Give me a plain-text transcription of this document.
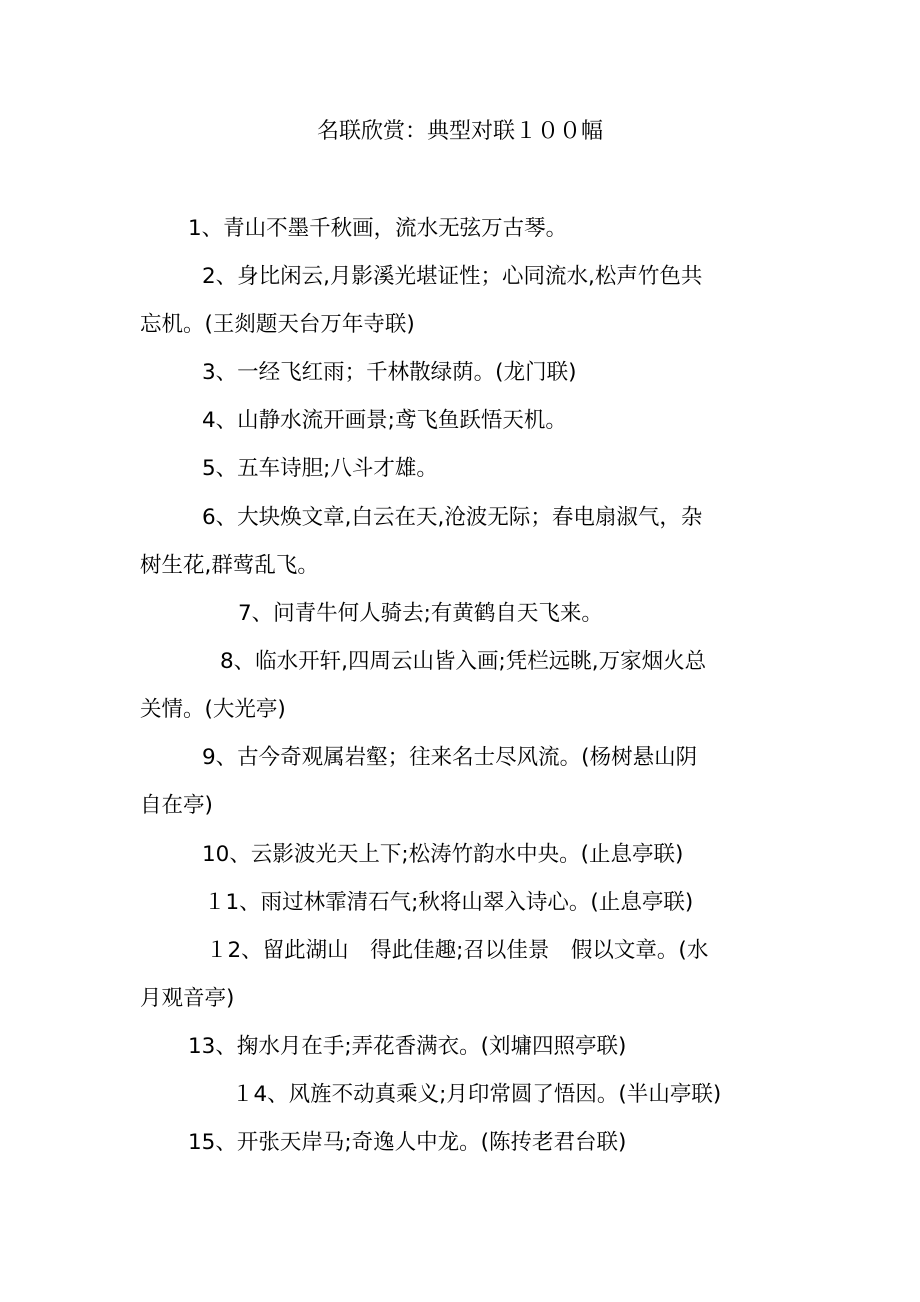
名联欣赏：典型对联１００幅
1、青山不墨千秋画，流水无弦万古琴。
2、身比闲云,月影溪光堪证性；心同流水,松声竹色共
忘机。(王剡题天台万年寺联)
3、一经飞红雨；千林散绿荫。(龙门联)
4、山静水流开画景;鸢飞鱼跃悟天机。
5、五车诗胆;八斗才雄。
6、大块焕文章,白云在天,沧波无际；春电扇淑气，杂
树生花,群莺乱飞。
7、问青牛何人骑去;有黄鹤自天飞来。
8、临水开轩,四周云山皆入画;凭栏远眺,万家烟火总
关情。(大光亭)
9、古今奇观属岩壑；往来名士尽风流。(杨树悬山阴
自在亭)
10、云影波光天上下;松涛竹韵水中央。(止息亭联)
１1、雨过林霏清石气;秋将山翠入诗心。(止息亭联)
１2、留此湖山　得此佳趣;召以佳景　假以文章。(水
月观音亭)
13、掬水月在手;弄花香满衣。(刘墉四照亭联)
１4、风旌不动真乘义;月印常圆了悟因。(半山亭联)
15、开张天岸马;奇逸人中龙。(陈抟老君台联)
